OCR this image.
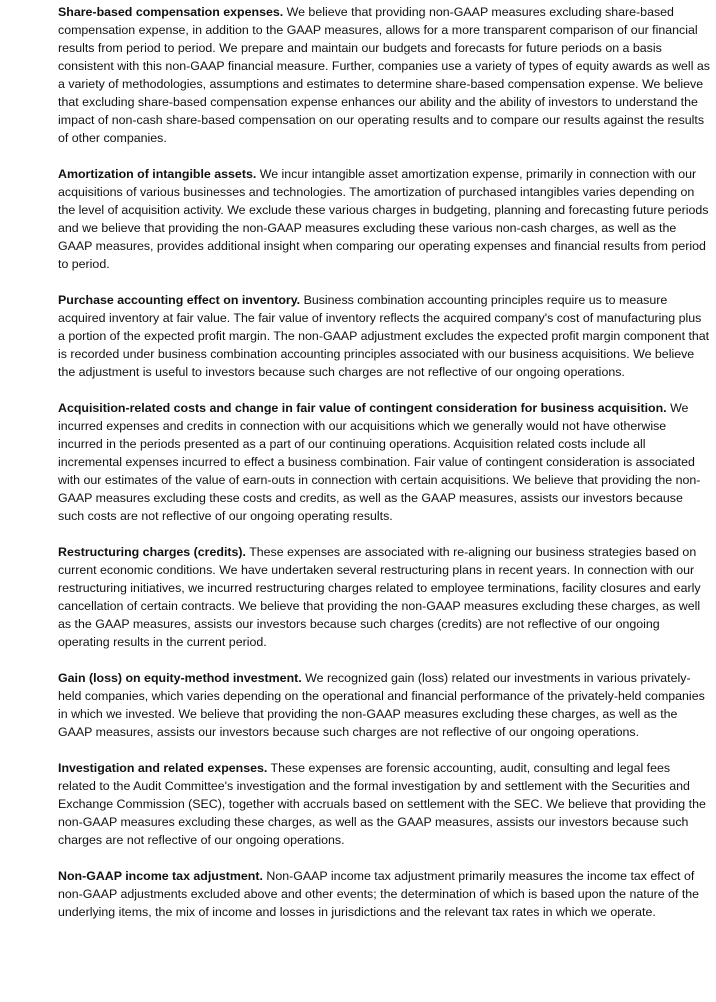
Share-based compensation expenses. We believe that providing non-GAAP measures excluding share-based compensation expense, in addition to the GAAP measures, allows for a more transparent comparison of our financial results from period to period. We prepare and maintain our budgets and forecasts for future periods on a basis consistent with this non-GAAP financial measure. Further, companies use a variety of types of equity awards as well as a variety of methodologies, assumptions and estimates to determine share-based compensation expense. We believe that excluding share-based compensation expense enhances our ability and the ability of investors to understand the impact of non-cash share-based compensation on our operating results and to compare our results against the results of other companies.

Amortization of intangible assets. We incur intangible asset amortization expense, primarily in connection with our acquisitions of various businesses and technologies. The amortization of purchased intangibles varies depending on the level of acquisition activity. We exclude these various charges in budgeting, planning and forecasting future periods and we believe that providing the non-GAAP measures excluding these various non-cash charges, as well as the GAAP measures, provides additional insight when comparing our operating expenses and financial results from period to period.

Purchase accounting effect on inventory. Business combination accounting principles require us to measure acquired inventory at fair value. The fair value of inventory reflects the acquired company's cost of manufacturing plus a portion of the expected profit margin. The non-GAAP adjustment excludes the expected profit margin component that is recorded under business combination accounting principles associated with our business acquisitions. We believe the adjustment is useful to investors because such charges are not reflective of our ongoing operations.

Acquisition-related costs and change in fair value of contingent consideration for business acquisition. We incurred expenses and credits in connection with our acquisitions which we generally would not have otherwise incurred in the periods presented as a part of our continuing operations. Acquisition related costs include all incremental expenses incurred to effect a business combination. Fair value of contingent consideration is associated with our estimates of the value of earn-outs in connection with certain acquisitions. We believe that providing the non-GAAP measures excluding these costs and credits, as well as the GAAP measures, assists our investors because such costs are not reflective of our ongoing operating results.

Restructuring charges (credits). These expenses are associated with re-aligning our business strategies based on current economic conditions. We have undertaken several restructuring plans in recent years. In connection with our restructuring initiatives, we incurred restructuring charges related to employee terminations, facility closures and early cancellation of certain contracts. We believe that providing the non-GAAP measures excluding these charges, as well as the GAAP measures, assists our investors because such charges (credits) are not reflective of our ongoing operating results in the current period.

Gain (loss) on equity-method investment. We recognized gain (loss) related our investments in various privately-held companies, which varies depending on the operational and financial performance of the privately-held companies in which we invested. We believe that providing the non-GAAP measures excluding these charges, as well as the GAAP measures, assists our investors because such charges are not reflective of our ongoing operations.

Investigation and related expenses. These expenses are forensic accounting, audit, consulting and legal fees related to the Audit Committee's investigation and the formal investigation by and settlement with the Securities and Exchange Commission (SEC), together with accruals based on settlement with the SEC. We believe that providing the non-GAAP measures excluding these charges, as well as the GAAP measures, assists our investors because such charges are not reflective of our ongoing operations.

Non-GAAP income tax adjustment. Non-GAAP income tax adjustment primarily measures the income tax effect of non-GAAP adjustments excluded above and other events; the determination of which is based upon the nature of the underlying items, the mix of income and losses in jurisdictions and the relevant tax rates in which we operate.
